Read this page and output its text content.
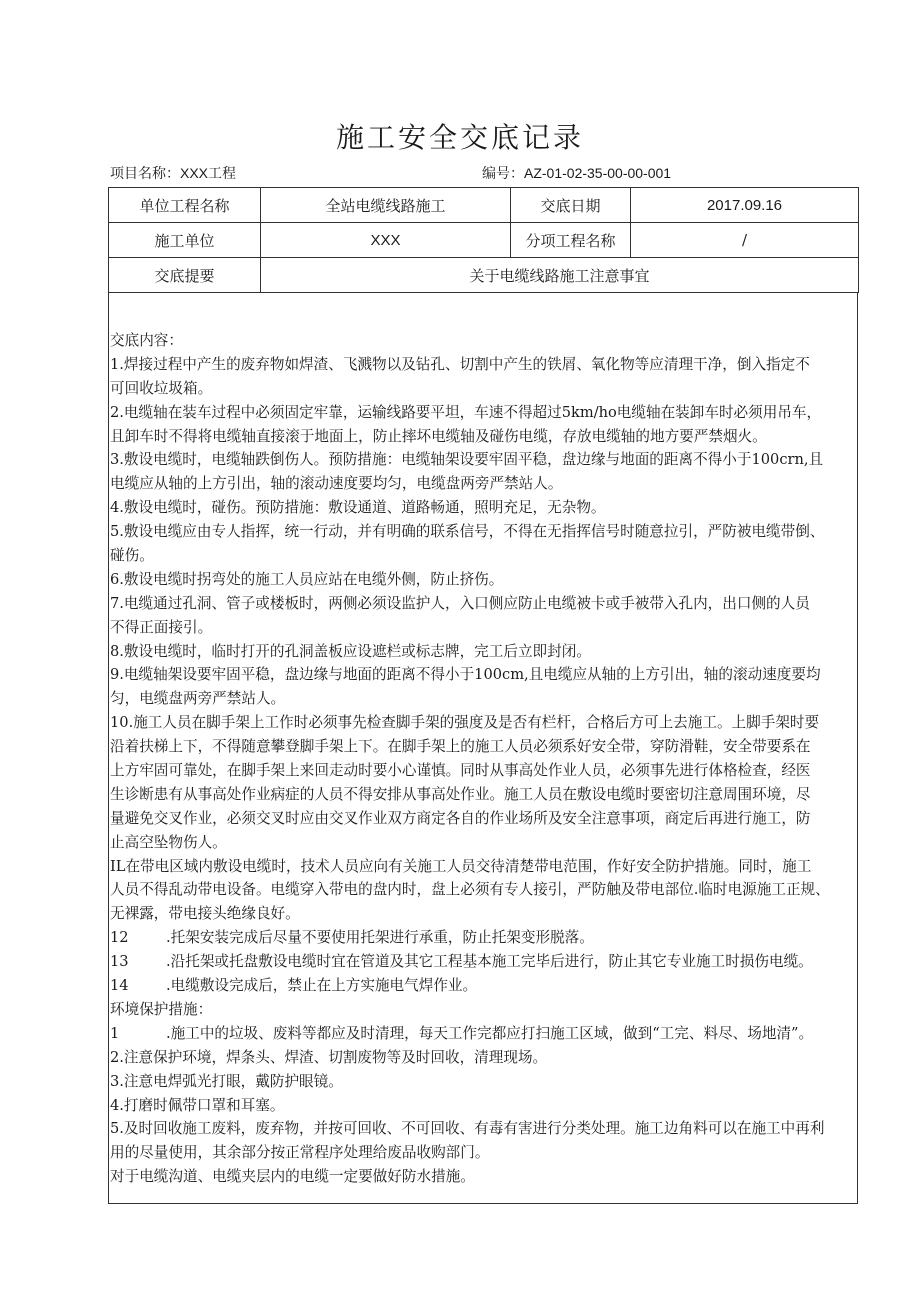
施工安全交底记录
项目名称：XXX工程	编号：AZ-01-02-35-00-00-001
单位工程名称	全站电缆线路施工	交底日期	2017.09.16
施工单位	XXX	分项工程名称	/
交底提要	关于电缆线路施工注意事宜		
交底内容：
1.焊接过程中产生的废弃物如焊渣、飞溅物以及钻孔、切割中产生的铁屑、氧化物等应清理干净，倒入指定不
可回收垃圾箱。
2.电缆轴在装车过程中必须固定牢靠，运输线路要平坦，车速不得超过5km/ho电缆轴在装卸车时必须用吊车，
且卸车时不得将电缆轴直接滚于地面上，防止摔坏电缆轴及碰伤电缆，存放电缆轴的地方要严禁烟火。
3.敷设电缆时，电缆轴跌倒伤人。预防措施：电缆轴架设要牢固平稳，盘边缘与地面的距离不得小于100crn,且
电缆应从轴的上方引出，轴的滚动速度要均匀，电缆盘两旁严禁站人。
4.敷设电缆时，碰伤。预防措施：敷设通道、道路畅通，照明充足，无杂物。
5.敷设电缆应由专人指挥，统一行动，并有明确的联系信号，不得在无指挥信号时随意拉引，严防被电缆带倒、
碰伤。
6.敷设电缆时拐弯处的施工人员应站在电缆外侧，防止挤伤。
7.电缆通过孔洞、管子或楼板时，两侧必须设监护人，入口侧应防止电缆被卡或手被带入孔内，出口侧的人员
不得正面接引。
8.敷设电缆时，临时打开的孔洞盖板应设遮栏或标志牌，完工后立即封闭。
9.电缆轴架设要牢固平稳，盘边缘与地面的距离不得小于100cm,且电缆应从轴的上方引出，轴的滚动速度要均
匀，电缆盘两旁严禁站人。
10.施工人员在脚手架上工作时必须事先检查脚手架的强度及是否有栏杆，合格后方可上去施工。上脚手架时要
沿着扶梯上下，不得随意攀登脚手架上下。在脚手架上的施工人员必须系好安全带，穿防滑鞋，安全带要系在
上方牢固可靠处，在脚手架上来回走动时要小心谨慎。同时从事高处作业人员，必须事先进行体格检查，经医
生诊断患有从事高处作业病症的人员不得安排从事高处作业。施工人员在敷设电缆时要密切注意周围环境，尽
量避免交叉作业，必须交叉时应由交叉作业双方商定各自的作业场所及安全注意事项，商定后再进行施工，防
止高空坠物伤人。
IL在带电区域内敷设电缆时，技术人员应向有关施工人员交待清楚带电范围，作好安全防护措施。同时，施工
人员不得乱动带电设备。电缆穿入带电的盘内时，盘上必须有专人接引，严防触及带电部位.临时电源施工正规、
无裸露，带电接头绝缘良好。
12	.托架安装完成后尽量不要使用托架进行承重，防止托架变形脱落。
13	.沿托架或托盘敷设电缆时宜在管道及其它工程基本施工完毕后进行，防止其它专业施工时损伤电缆。
14	.电缆敷设完成后，禁止在上方实施电气焊作业。
环境保护措施：
1	.施工中的垃圾、废料等都应及时清理，每天工作完都应打扫施工区域，做到“工完、料尽、场地清”。
2.注意保护环境，焊条头、焊渣、切割废物等及时回收，清理现场。
3.注意电焊弧光打眼，戴防护眼镜。
4.打磨时佩带口罩和耳塞。
5.及时回收施工废料，废弃物，并按可回收、不可回收、有毒有害进行分类处理。施工边角料可以在施工中再利
用的尽量使用，其余部分按正常程序处理给废品收购部门。
对于电缆沟道、电缆夹层内的电缆一定要做好防水措施。
